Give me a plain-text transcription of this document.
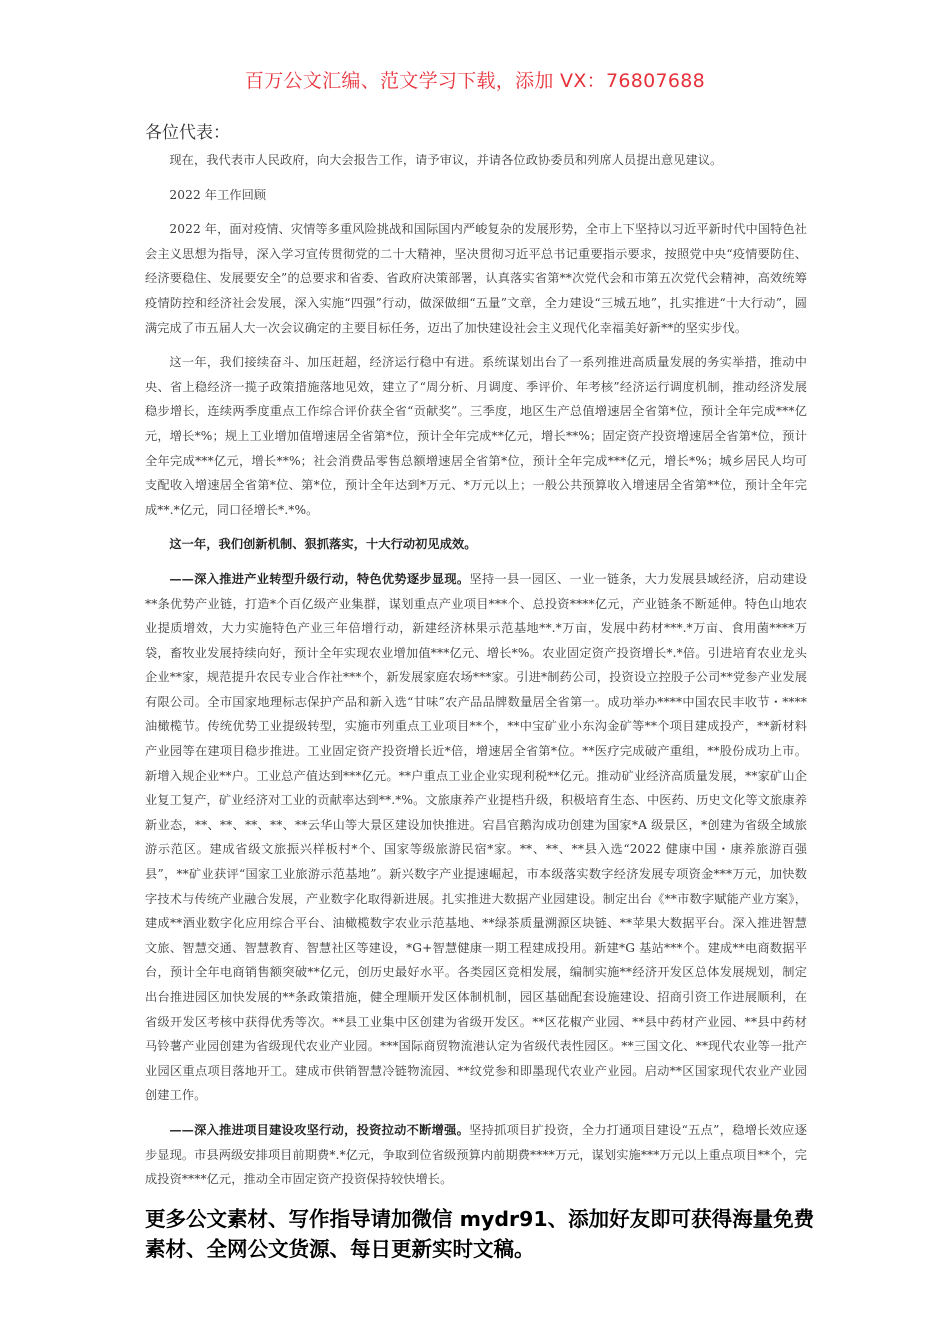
百万公文汇编、范文学习下载，添加 VX：76807688
各位代表：

现在，我代表市人民政府，向大会报告工作，请予审议，并请各位政协委员和列席人员提出意见建议。

2022 年工作回顾

2022 年，面对疫情、灾情等多重风险挑战和国际国内严峻复杂的发展形势，全市上下坚持以习近平新时代中国特色社会主义思想为指导，深入学习宣传贯彻党的二十大精神，坚决贯彻习近平总书记重要指示要求，按照党中央“疫情要防住、经济要稳住、发展要安全”的总要求和省委、省政府决策部署，认真落实省第**次党代会和市第五次党代会精神，高效统筹疫情防控和经济社会发展，深入实施“四强”行动，做深做细“五量”文章，全力建设“三城五地”，扎实推进“十大行动”，圆满完成了市五届人大一次会议确定的主要目标任务，迈出了加快建设社会主义现代化幸福美好新**的坚实步伐。

这一年，我们接续奋斗、加压赶超，经济运行稳中有进。系统谋划出台了一系列推进高质量发展的务实举措，推动中央、省上稳经济一揽子政策措施落地见效，建立了“周分析、月调度、季评价、年考核”经济运行调度机制，推动经济发展稳步增长，连续两季度重点工作综合评价获全省“贡献奖”。三季度，地区生产总值增速居全省第*位，预计全年完成***亿元，增长*%；规上工业增加值增速居全省第*位，预计全年完成**亿元，增长**%；固定资产投资增速居全省第*位，预计全年完成***亿元，增长**%；社会消费品零售总额增速居全省第*位，预计全年完成***亿元，增长*%；城乡居民人均可支配收入增速居全省第*位、第*位，预计全年达到*万元、*万元以上；一般公共预算收入增速居全省第**位，预计全年完成**.*亿元，同口径增长*.*%。

这一年，我们创新机制、狠抓落实，十大行动初见成效。

——深入推进产业转型升级行动，特色优势逐步显现。坚持一县一园区、一业一链条，大力发展县域经济，启动建设**条优势产业链，打造*个百亿级产业集群，谋划重点产业项目***个、总投资****亿元，产业链条不断延伸。特色山地农业提质增效，大力实施特色产业三年倍增行动，新建经济林果示范基地**.*万亩，发展中药材***.*万亩、食用菌****万袋，畜牧业发展持续向好，预计全年实现农业增加值***亿元、增长*%。农业固定资产投资增长*.*倍。引进培育农业龙头企业**家，规范提升农民专业合作社***个，新发展家庭农场***家。引进*制药公司，投资设立控股子公司**党参产业发展有限公司。全市国家地理标志保护产品和新入选“甘味”农产品品牌数量居全省第一。成功举办****中国农民丰收节・****油橄榄节。传统优势工业提级转型，实施市列重点工业项目**个，**中宝矿业小东沟金矿等**个项目建成投产，**新材料产业园等在建项目稳步推进。工业固定资产投资增长近*倍，增速居全省第*位。**医疗完成破产重组，**股份成功上市。新增入规企业**户。工业总产值达到***亿元。**户重点工业企业实现利税**亿元。推动矿业经济高质量发展，**家矿山企业复工复产，矿业经济对工业的贡献率达到**.*%。文旅康养产业提档升级，积极培育生态、中医药、历史文化等文旅康养新业态，**、**、**、**、**云华山等大景区建设加快推进。宕昌官鹅沟成功创建为国家*A 级景区，*创建为省级全域旅游示范区。建成省级文旅振兴样板村*个、国家等级旅游民宿*家。**、**、**县入选“2022 健康中国・康养旅游百强县”，**矿业获评“国家工业旅游示范基地”。新兴数字产业提速崛起，市本级落实数字经济发展专项资金***万元，加快数字技术与传统产业融合发展，产业数字化取得新进展。扎实推进大数据产业园建设。制定出台《**市数字赋能产业方案》，建成**酒业数字化应用综合平台、油橄榄数字农业示范基地、**绿茶质量溯源区块链、**苹果大数据平台。深入推进智慧文旅、智慧交通、智慧教育、智慧社区等建设，*G+智慧健康一期工程建成投用。新建*G 基站***个。建成**电商数据平台，预计全年电商销售额突破**亿元，创历史最好水平。各类园区竞相发展，编制实施**经济开发区总体发展规划，制定出台推进园区加快发展的**条政策措施，健全理顺开发区体制机制，园区基础配套设施建设、招商引资工作进展顺利，在省级开发区考核中获得优秀等次。**县工业集中区创建为省级开发区。**区花椒产业园、**县中药材产业园、**县中药材马铃薯产业园创建为省级现代农业产业园。***国际商贸物流港认定为省级代表性园区。**三国文化、**现代农业等一批产业园区重点项目落地开工。建成市供销智慧冷链物流园、**纹党参和即墨现代农业产业园。启动**区国家现代农业产业园创建工作。

——深入推进项目建设攻坚行动，投资拉动不断增强。坚持抓项目扩投资，全力打通项目建设“五点”，稳增长效应逐步显现。市县两级安排项目前期费*.*亿元，争取到位省级预算内前期费****万元，谋划实施***万元以上重点项目**个，完成投资****亿元，推动全市固定资产投资保持较快增长。

更多公文素材、写作指导请加微信 mydr91、添加好友即可获得海量免费素材、全网公文货源、每日更新实时文稿。
